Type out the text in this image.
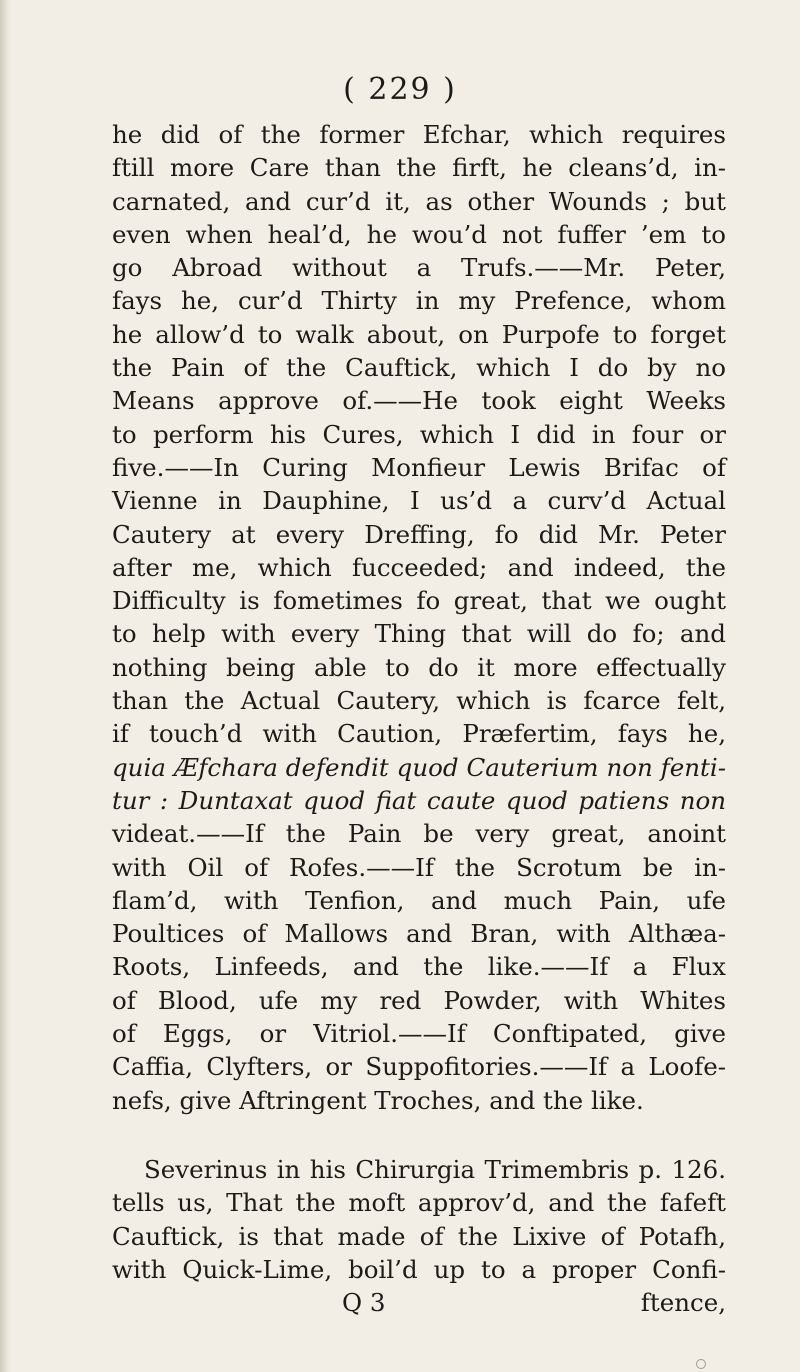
( 229 )
he did of the former Efchar, which requires
ftill more Care than the firft, he cleans’d, in-
carnated, and cur’d it, as other Wounds ; but
even when heal’d, he wou’d not fuffer ’em to
go Abroad without a Trufs.——Mr. Peter,
fays he, cur’d Thirty in my Prefence, whom
he allow’d to walk about, on Purpofe to forget
the Pain of the Cauftick, which I do by no
Means approve of.——He took eight Weeks
to perform his Cures, which I did in four or
five.——In Curing Monfieur Lewis Brifac of
Vienne in Dauphine, I us’d a curv’d Actual
Cautery at every Dreffing, fo did Mr. Peter
after me, which fucceeded; and indeed, the
Difficulty is fometimes fo great, that we ought
to help with every Thing that will do fo; and
nothing being able to do it more effectually
than the Actual Cautery, which is fcarce felt,
if touch’d with Caution, Præfertim, fays he,
quia Æfchara defendit quod Cauterium non fenti-
tur : Duntaxat quod fiat caute quod patiens non
videat.——If the Pain be very great, anoint
with Oil of Rofes.——If the Scrotum be in-
flam’d, with Tenfion, and much Pain, ufe
Poultices of Mallows and Bran, with Althæa-
Roots, Linfeeds, and the like.——If a Flux
of Blood, ufe my red Powder, with Whites
of Eggs, or Vitriol.——If Conftipated, give
Caffia, Clyfters, or Suppofitories.——If a Loofe-
nefs, give Aftringent Troches, and the like.
Severinus in his Chirurgia Trimembris p. 126.
tells us, That the moft approv’d, and the fafeft
Cauftick, is that made of the Lixive of Potafh,
with Quick-Lime, boil’d up to a proper Confi-
Q 3	ftence,
